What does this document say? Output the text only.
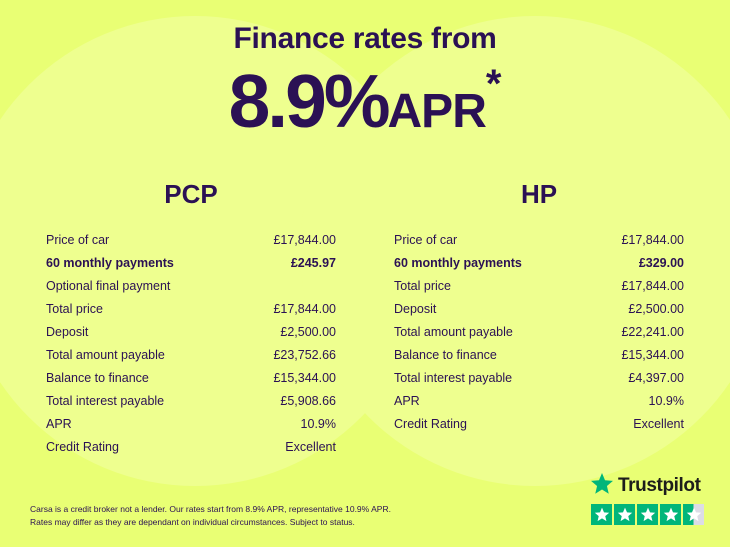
Finance rates from
8.9%APR*
PCP
Price of car	£17,844.00
60 monthly payments	£245.97
Optional final payment
Total price	£17,844.00
Deposit	£2,500.00
Total amount payable	£23,752.66
Balance to finance	£15,344.00
Total interest payable	£5,908.66
APR	10.9%
Credit Rating	Excellent
HP
Price of car	£17,844.00
60 monthly payments	£329.00
Total price	£17,844.00
Deposit	£2,500.00
Total amount payable	£22,241.00
Balance to finance	£15,344.00
Total interest payable	£4,397.00
APR	10.9%
Credit Rating	Excellent
Carsa is a credit broker not a lender. Our rates start from 8.9% APR, representative 10.9% APR.
Rates may differ as they are dependant on individual circumstances. Subject to status.
Trustpilot
